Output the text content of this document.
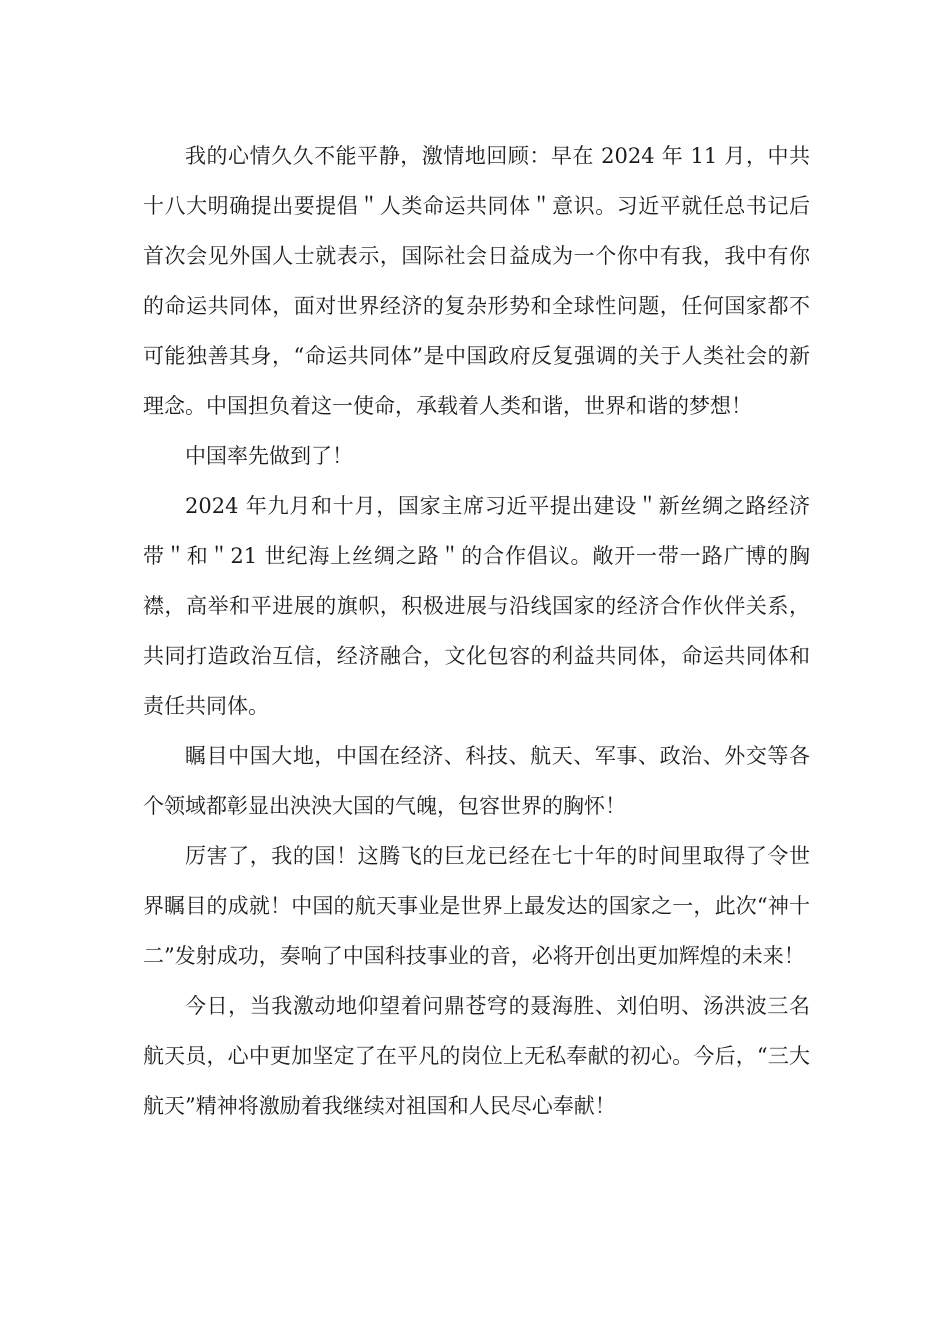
我的心情久久不能平静，激情地回顾：早在 2024 年 11 月，中共十八大明确提出要提倡＂人类命运共同体＂意识。习近平就任总书记后首次会见外国人士就表示，国际社会日益成为一个你中有我，我中有你的命运共同体，面对世界经济的复杂形势和全球性问题，任何国家都不可能独善其身，“命运共同体”是中国政府反复强调的关于人类社会的新理念。中国担负着这一使命，承载着人类和谐，世界和谐的梦想！

中国率先做到了！

2024 年九月和十月，国家主席习近平提出建设＂新丝绸之路经济带＂和＂21 世纪海上丝绸之路＂的合作倡议。敞开一带一路广博的胸襟，高举和平进展的旗帜，积极进展与沿线国家的经济合作伙伴关系，共同打造政治互信，经济融合，文化包容的利益共同体，命运共同体和责任共同体。

瞩目中国大地，中国在经济、科技、航天、军事、政治、外交等各个领域都彰显出泱泱大国的气魄，包容世界的胸怀！

厉害了，我的国！这腾飞的巨龙已经在七十年的时间里取得了令世界瞩目的成就！中国的航天事业是世界上最发达的国家之一，此次“神十二”发射成功，奏响了中国科技事业的音，必将开创出更加辉煌的未来！

今日，当我激动地仰望着问鼎苍穹的聂海胜、刘伯明、汤洪波三名航天员，心中更加坚定了在平凡的岗位上无私奉献的初心。今后，“三大航天”精神将激励着我继续对祖国和人民尽心奉献！
